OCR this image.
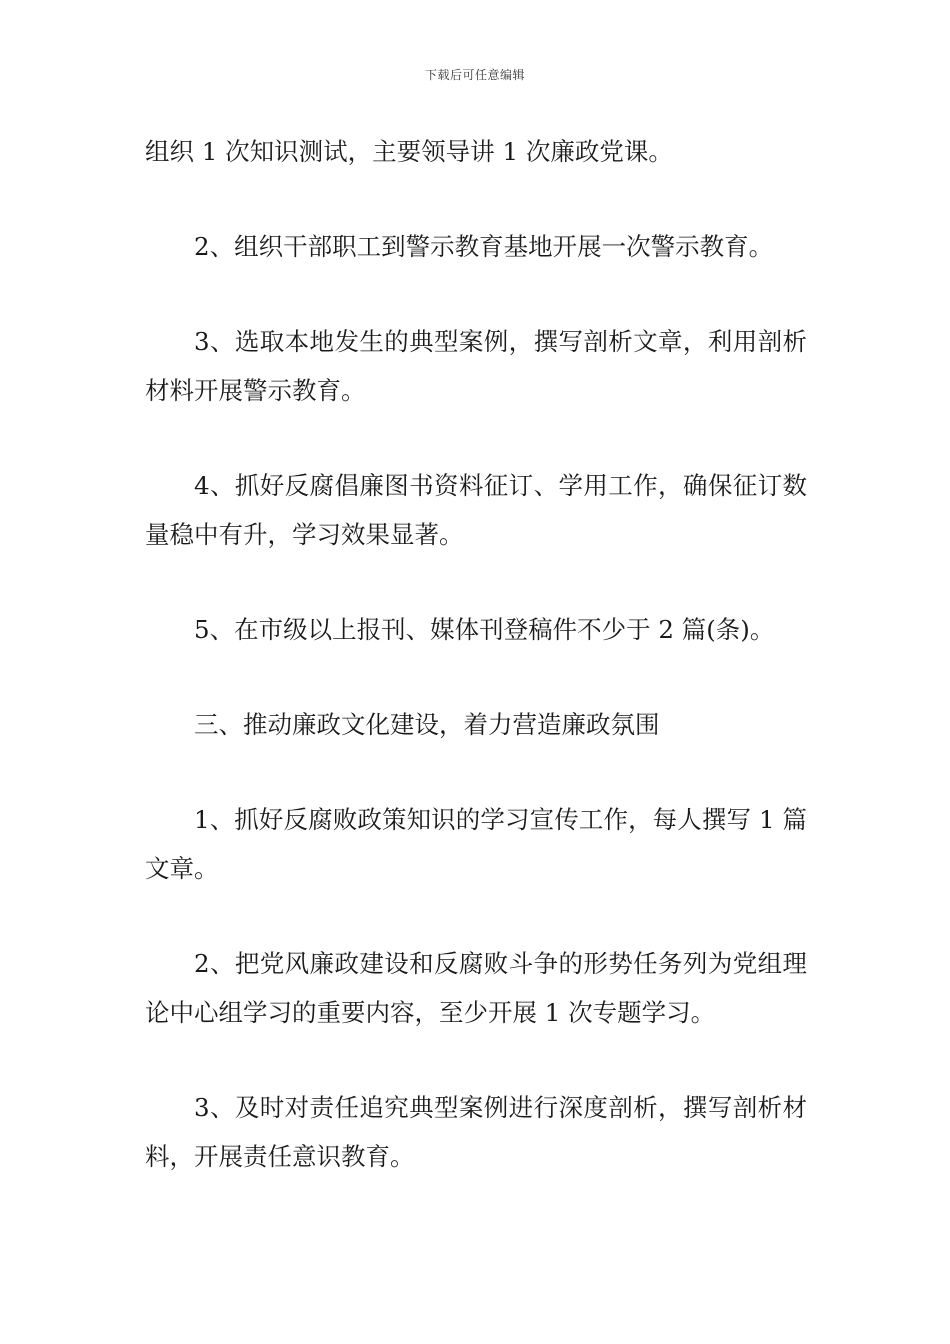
下载后可任意编辑

组织 1 次知识测试，主要领导讲 1 次廉政党课。

2、组织干部职工到警示教育基地开展一次警示教育。

3、选取本地发生的典型案例，撰写剖析文章，利用剖析材料开展警示教育。

4、抓好反腐倡廉图书资料征订、学用工作，确保征订数量稳中有升，学习效果显著。

5、在市级以上报刊、媒体刊登稿件不少于 2 篇(条)。

三、推动廉政文化建设，着力营造廉政氛围

1、抓好反腐败政策知识的学习宣传工作，每人撰写 1 篇文章。

2、把党风廉政建设和反腐败斗争的形势任务列为党组理论中心组学习的重要内容，至少开展 1 次专题学习。

3、及时对责任追究典型案例进行深度剖析，撰写剖析材料，开展责任意识教育。
